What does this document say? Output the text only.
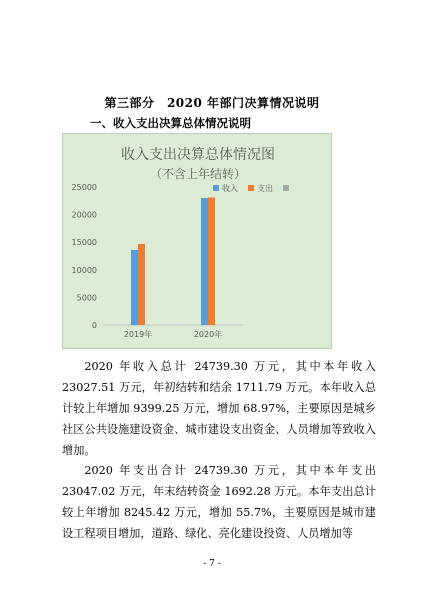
第三部分　2020 年部门决算情况说明
一、收入支出决算总体情况说明
收入支出决算总体情况图
（不含上年结转）
0
5000
10000
15000
20000
25000
2019年	2020年
收入 支出

2020 年收入总计 24739.30 万元，其中本年收入 23027.51 万元，年初结转和结余 1711.79 万元。本年收入总计较上年增加 9399.25 万元，增加 68.97%，主要原因是城乡社区公共设施建设资金、城市建设支出资金、人员增加等致收入增加。

2020 年支出合计 24739.30 万元，其中本年支出 23047.02 万元，年末结转资金 1692.28 万元。本年支出总计较上年增加 8245.42 万元，增加 55.7%，主要原因是城市建设工程项目增加，道路、绿化、亮化建设投资、人员增加等

- 7 -
